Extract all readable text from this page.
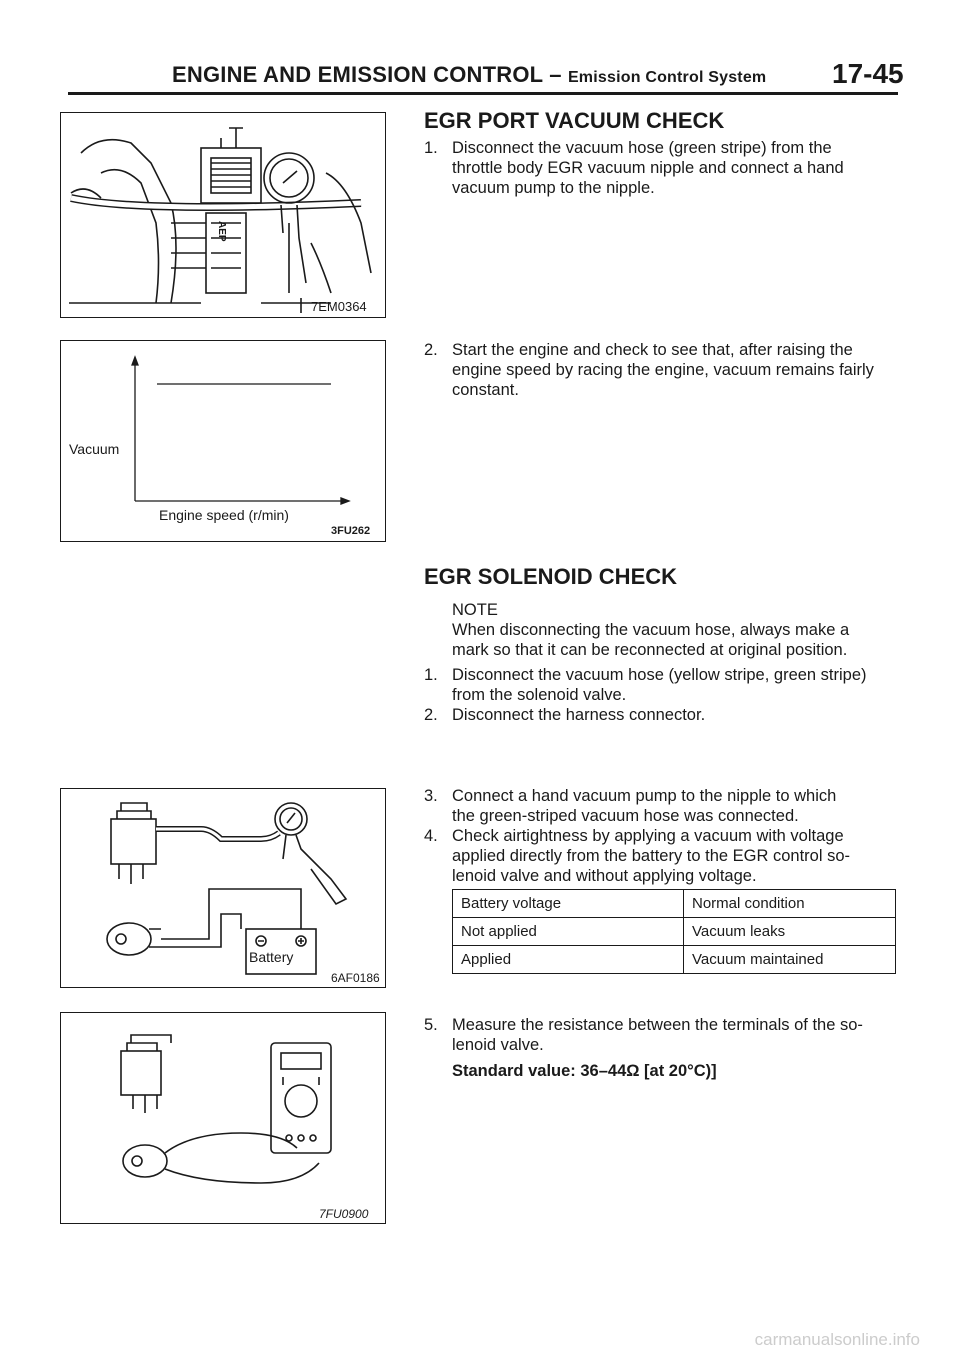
ENGINE AND EMISSION CONTROL – Emission Control System 17-45
AEP
7EM0364
Vacuum
Engine speed (r/min)
3FU262
Battery
6AF0186
7FU0900
EGR PORT VACUUM CHECK
1. Disconnect the vacuum hose (green stripe) from the
throttle body EGR vacuum nipple and connect a hand
vacuum pump to the nipple.
2. Start the engine and check to see that, after raising the
engine speed by racing the engine, vacuum remains fairly
constant.
EGR SOLENOID CHECK
NOTE
When disconnecting the vacuum hose, always make a
mark so that it can be reconnected at original position.
1. Disconnect the vacuum hose (yellow stripe, green stripe)
from the solenoid valve.
2. Disconnect the harness connector.
3. Connect a hand vacuum pump to the nipple to which
the green-striped vacuum hose was connected.
4. Check airtightness by applying a vacuum with voltage
applied directly from the battery to the EGR control so-
lenoid valve and without applying voltage.
Battery voltage	Normal condition
Not applied	Vacuum leaks
Applied	Vacuum maintained
5. Measure the resistance between the terminals of the so-
lenoid valve.
Standard value: 36–44Ω [at 20°C)]
carmanualsonline.info
